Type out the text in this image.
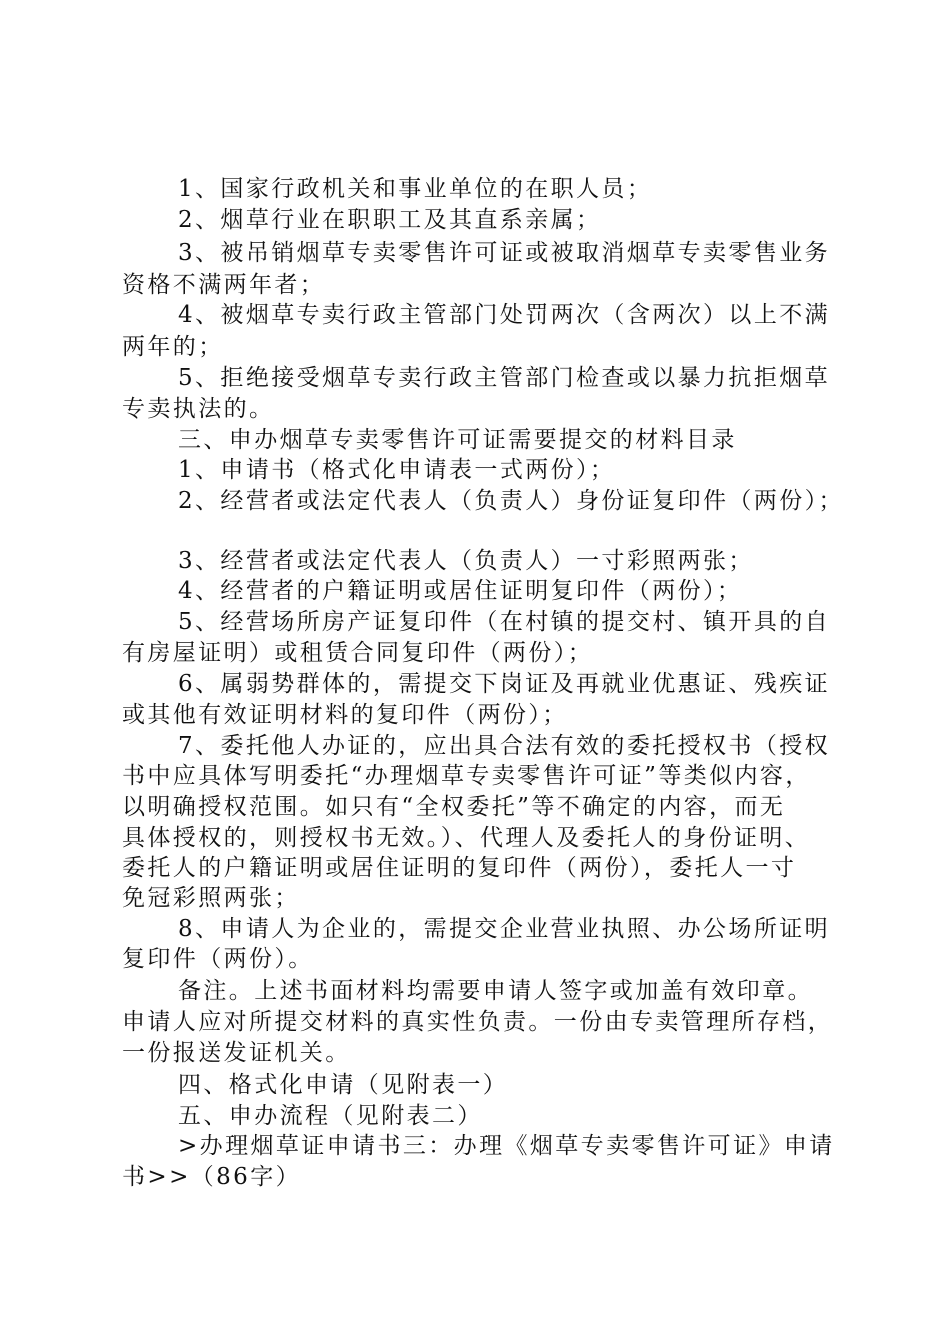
1、国家行政机关和事业单位的在职人员；
2、烟草行业在职职工及其直系亲属；
3、被吊销烟草专卖零售许可证或被取消烟草专卖零售业务
资格不满两年者；
4、被烟草专卖行政主管部门处罚两次（含两次）以上不满
两年的；
5、拒绝接受烟草专卖行政主管部门检查或以暴力抗拒烟草
专卖执法的。
三、申办烟草专卖零售许可证需要提交的材料目录
1、申请书（格式化申请表一式两份）；
2、经营者或法定代表人（负责人）身份证复印件（两份）；
3、经营者或法定代表人（负责人）一寸彩照两张；
4、经营者的户籍证明或居住证明复印件（两份）；
5、经营场所房产证复印件（在村镇的提交村、镇开具的自
有房屋证明）或租赁合同复印件（两份）；
6、属弱势群体的，需提交下岗证及再就业优惠证、残疾证
或其他有效证明材料的复印件（两份）；
7、委托他人办证的，应出具合法有效的委托授权书（授权
书中应具体写明委托“办理烟草专卖零售许可证”等类似内容，
以明确授权范围。如只有“全权委托”等不确定的内容，而无
具体授权的，则授权书无效。）、代理人及委托人的身份证明、
委托人的户籍证明或居住证明的复印件（两份），委托人一寸
免冠彩照两张；
8、申请人为企业的，需提交企业营业执照、办公场所证明
复印件（两份）。
备注。上述书面材料均需要申请人签字或加盖有效印章。
申请人应对所提交材料的真实性负责。一份由专卖管理所存档，
一份报送发证机关。
四、格式化申请（见附表一）
五、申办流程（见附表二）
>办理烟草证申请书三：办理《烟草专卖零售许可证》申请
书>>（86字）
